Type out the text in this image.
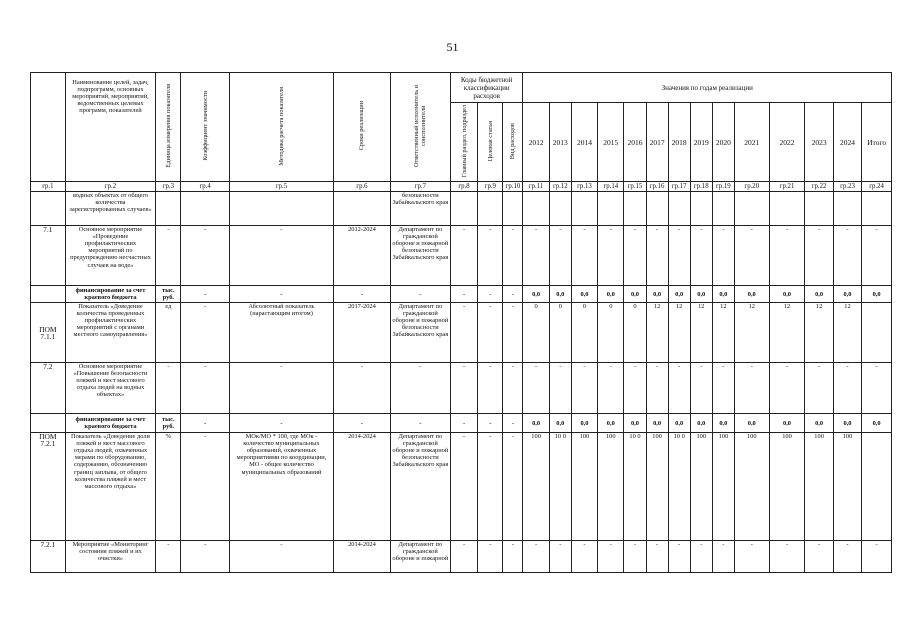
51
	Наименование целей, задач, подпрограмм, основных мероприятий, мероприятий, ведомственных целевых программ, показателей	Единица измерения показателя	Коэффициент значимости	Методика расчета показателя	Сроки реализации	Ответственный исполнитель и соисполнители	Коды бюджетной классификации расходов			Значения по годам реализации													
							Главный раздел, подраздел	Целевая статья	Вид расходов	2012	2013	2014	2015	2016	2017	2018	2019	2020	2021	2022	2023	2024	Итого
гр.1	гр.2	гр.3	гр.4	гр.5	гр.6	гр.7	гр.8	гр.9	гр.10	гр.11	гр.12	гр.13	гр.14	гр.15	гр.16	гр.17	гр.18	гр.19	гр.20	гр.21	гр.22	гр.23	гр.24
	водных объектах от общего количества зарегистрированных случаев»					безопасности Забайкальского края																	
7.1	Основное мероприятие «Проведение профилактических мероприятий по предупреждению несчастных случаев на воде»	-	-	-	2012-2024	Департамент по гражданской обороне и пожарной безопасности Забайкальского края	-	-	-	-	-	-	-	-	-	-	-	-	-	-	-	-	-
	финансирование за счет краевого бюджета	тыс. руб.	-	-	-	-	-	-	-	0,0	0,0	0,0	0,0	0,0	0,0	0,0	0,0	0,0	0,0	0,0	0,0	0,0	0,0
ПОМ 7.1.1	Показатель «Доведение количества проведенных профилактических мероприятий с органами местного самоуправления»	ед	-	Абсолютный показатель (нарастающим итогом)	2017-2024	Департамент по гражданской обороне и пожарной безопасности Забайкальского края	-	-	-	0	0	0	0	0	12	12	12	12	12	12	12	12	
7.2	Основное мероприятие «Повышение безопасности пляжей и мест массового отдыха людей на водных объектах»	-	-	-	-	-	-	-	-	-	-	-	-	-	-	-	-	-	-	-	-	-	-
	финансирование за счет краевого бюджета	тыс. руб.	-	-	-	-	-	-	-	0,0	0,0	0,0	0,0	0,0	0,0	0,0	0,0	0,0	0,0	0,0	0,0	0,0	0,0
ПОМ 7.2.1	Показатель «Доведение доли пляжей и мест массового отдыха людей, охваченных мерами по оборудованию, содержанию, обозначению границ заплыва, от общего количества пляжей и мест массового отдыха»	%	-	МОк/МО * 100, где МОк - количество муниципальных образований, охваченных мероприятиями по координации, МО - общее количество муниципальных образований	2014-2024	Департамент по гражданской обороне и пожарной безопасности Забайкальского края	-	-	-	100	10 0	100	100	10 0	100	10 0	100	100	100	100	100	100	
7.2.1	Мероприятие «Мониторинг состояния пляжей и их очистки»	-	-	-	2014-2024	Департамент по гражданской обороне и пожарной	-	-	-	-	-	-	-	-	-	-	-	-	-	-	-	-	-
